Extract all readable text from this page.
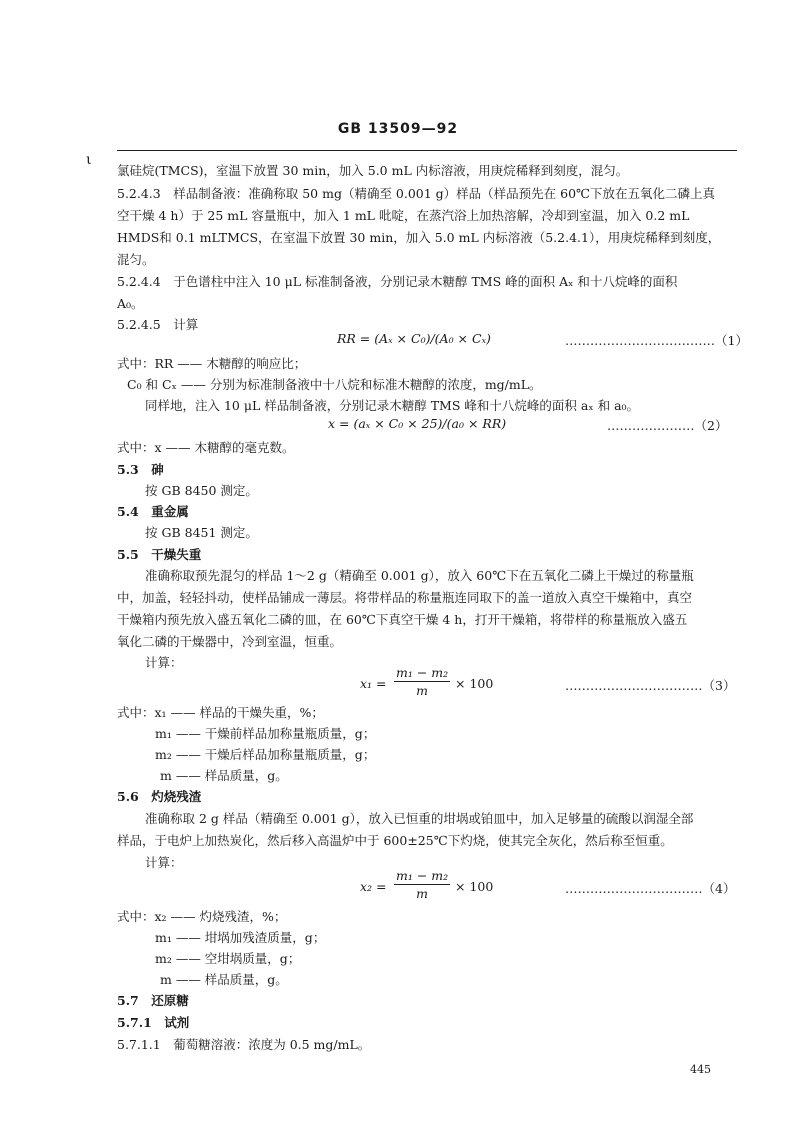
GB 13509—92
ι
氯硅烷(TMCS)，室温下放置 30 min，加入 5.0 mL 内标溶液，用庚烷稀释到刻度，混匀。
5.2.4.3　样品制备液：准确称取 50 mg（精确至 0.001 g）样品（样品预先在 60℃下放在五氧化二磷上真
空干燥 4 h）于 25 mL 容量瓶中，加入 1 mL 吡啶，在蒸汽浴上加热溶解，冷却到室温，加入 0.2 mL
HMDS和 0.1 mLTMCS，在室温下放置 30 min，加入 5.0 mL 内标溶液（5.2.4.1），用庚烷稀释到刻度，
混匀。
5.2.4.4　于色谱柱中注入 10 μL 标准制备液，分别记录木糖醇 TMS 峰的面积 Aₓ 和十八烷峰的面积
A₀。
5.2.4.5　计算
RR = (Aₓ × C₀)/(A₀ × Cₓ)	………………………………（1）
式中：RR —— 木糖醇的响应比；
C₀ 和 Cₓ —— 分别为标准制备液中十八烷和标准木糖醇的浓度，mg/mL。
同样地，注入 10 μL 样品制备液，分别记录木糖醇 TMS 峰和十八烷峰的面积 aₓ 和 a₀。
x = (aₓ × C₀ × 25)/(a₀ × RR)	…………………（2）
式中：x —— 木糖醇的毫克数。
5.3　砷
按 GB 8450 测定。
5.4　重金属
按 GB 8451 测定。
5.5　干燥失重
准确称取预先混匀的样品 1～2 g（精确至 0.001 g），放入 60℃下在五氧化二磷上干燥过的称量瓶
中，加盖，轻轻抖动，使样品铺成一薄层。将带样品的称量瓶连同取下的盖一道放入真空干燥箱中，真空
干燥箱内预先放入盛五氧化二磷的皿，在 60℃下真空干燥 4 h，打开干燥箱，将带样的称量瓶放入盛五
氧化二磷的干燥器中，冷到室温，恒重。
计算：
$x_1 = \frac{\text{m₁ − m₂}}{m} \times 100$	……………………………（3）
式中：x₁ —— 样品的干燥失重，%；
m₁ —— 干燥前样品加称量瓶质量，g；
m₂ —— 干燥后样品加称量瓶质量，g；
m —— 样品质量，g。
5.6　灼烧残渣
准确称取 2 g 样品（精确至 0.001 g），放入已恒重的坩埚或铂皿中，加入足够量的硫酸以润湿全部
样品，于电炉上加热炭化，然后移入高温炉中于 600±25℃下灼烧，使其完全灰化，然后称至恒重。
计算：
$x_2 = \frac{\text{m₁ − m₂}}{m} \times 100$	……………………………（4）
式中：x₂ —— 灼烧残渣，%；
m₁ —— 坩埚加残渣质量，g；
m₂ —— 空坩埚质量，g；
m —— 样品质量，g。
5.7　还原糖
5.7.1　试剂
5.7.1.1　葡萄糖溶液：浓度为 0.5 mg/mL。
445
